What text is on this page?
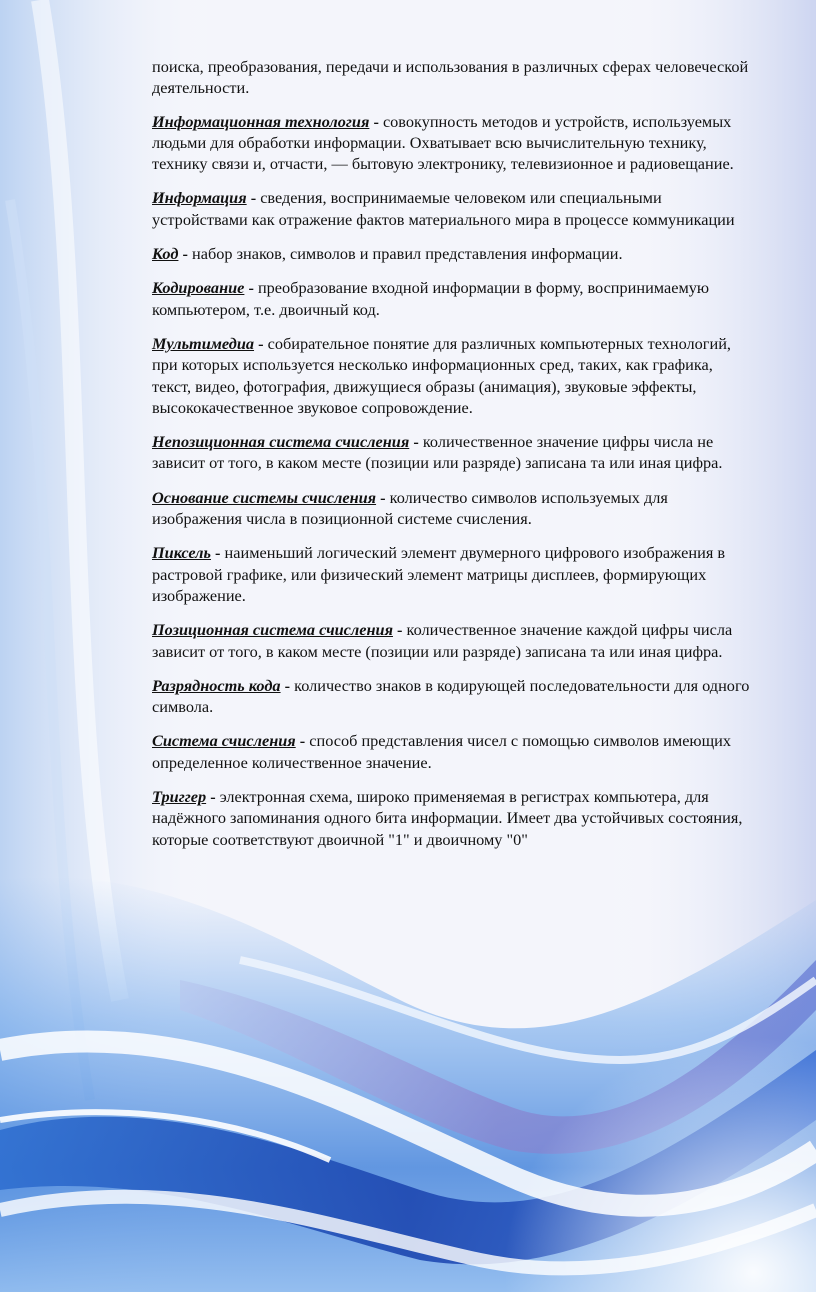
поиска, преобразования, передачи и использования в различных сферах человеческой деятельности.

Информационная технология - совокупность методов и устройств, используемых людьми для обработки информации. Охватывает всю вычислительную технику, технику связи и, отчасти, — бытовую электронику, телевизионное и радиовещание.

Информация - сведения, воспринимаемые человеком или специальными устройствами как отражение фактов материального мира в процессе коммуникации

Код - набор знаков, символов и правил представления информации.

Кодирование - преобразование входной информации в форму, воспринимаемую компьютером, т.е. двоичный код.

Мультимедиа - собирательное понятие для различных компьютерных технологий, при которых используется несколько информационных сред, таких, как графика, текст, видео, фотография, движущиеся образы (анимация), звуковые эффекты, высококачественное звуковое сопровождение.

Непозиционная система счисления - количественное значение цифры числа не зависит от того, в каком месте (позиции или разряде) записана та или иная цифра.

Основание системы счисления - количество символов используемых для изображения числа в позиционной системе счисления.

Пиксель - наименьший логический элемент двумерного цифрового изображения в растровой графике, или физический элемент матрицы дисплеев, формирующих изображение.

Позиционная система счисления - количественное значение каждой цифры числа зависит от того, в каком месте (позиции или разряде) записана та или иная цифра.

Разрядность кода - количество знаков в кодирующей последовательности для одного символа.

Система счисления - способ представления чисел с помощью символов имеющих определенное количественное значение.

Триггер - электронная схема, широко применяемая в регистрах компьютера, для надёжного запоминания одного бита информации. Имеет два устойчивых состояния, которые соответствуют двоичной "1" и двоичному "0"
